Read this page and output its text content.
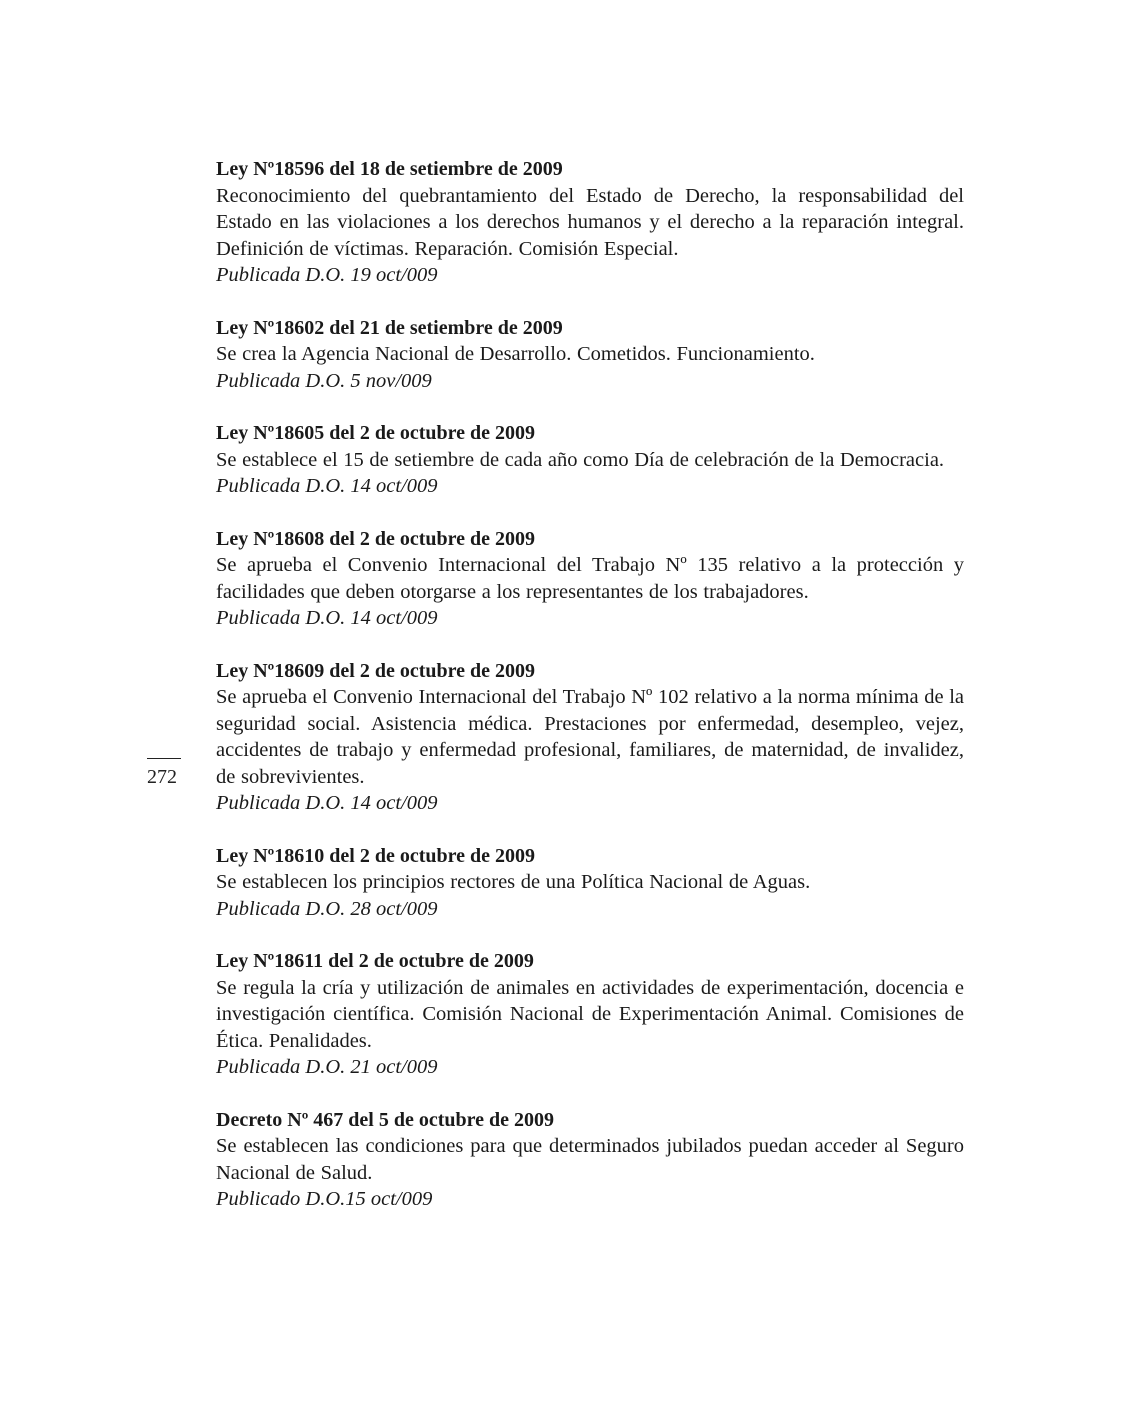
Ley Nº18596 del 18 de setiembre de 2009

Reconocimiento del quebrantamiento del Estado de Derecho, la responsabilidad del Estado en las violaciones a los derechos humanos y el derecho a la reparación integral. Definición de víctimas. Reparación. Comisión Especial.

Publicada D.O. 19 oct/009

Ley Nº18602 del 21 de setiembre de 2009

Se crea la Agencia Nacional de Desarrollo. Cometidos. Funcionamiento.

Publicada D.O. 5 nov/009

Ley Nº18605 del 2 de octubre de 2009

Se establece el 15 de setiembre de cada año como Día de celebración de la Democracia.

Publicada D.O. 14 oct/009

Ley Nº18608 del 2 de octubre de 2009

Se aprueba el Convenio Internacional del Trabajo Nº 135 relativo a la protección y facilidades que deben otorgarse a los representantes de los trabajadores.

Publicada D.O. 14 oct/009

Ley Nº18609 del 2 de octubre de 2009

Se aprueba el Convenio Internacional del Trabajo Nº 102 relativo a la norma mínima de la seguridad social. Asistencia médica. Prestaciones por enfermedad, desempleo, vejez, accidentes de trabajo y enfermedad profesional, familiares, de maternidad, de invalidez, de sobrevivientes.

Publicada D.O. 14 oct/009

Ley Nº18610 del 2 de octubre de 2009

Se establecen los principios rectores de una Política Nacional de Aguas.

Publicada D.O. 28 oct/009

Ley Nº18611 del 2 de octubre de 2009

Se regula la cría y utilización de animales en actividades de experimentación, docencia e investigación científica. Comisión Nacional de Experimentación Animal. Comisiones de Ética. Penalidades.

Publicada D.O. 21 oct/009

Decreto Nº 467 del 5 de octubre de 2009

Se establecen las condiciones para que determinados jubilados puedan acceder al Seguro Nacional de Salud.

Publicado D.O.15 oct/009

272
